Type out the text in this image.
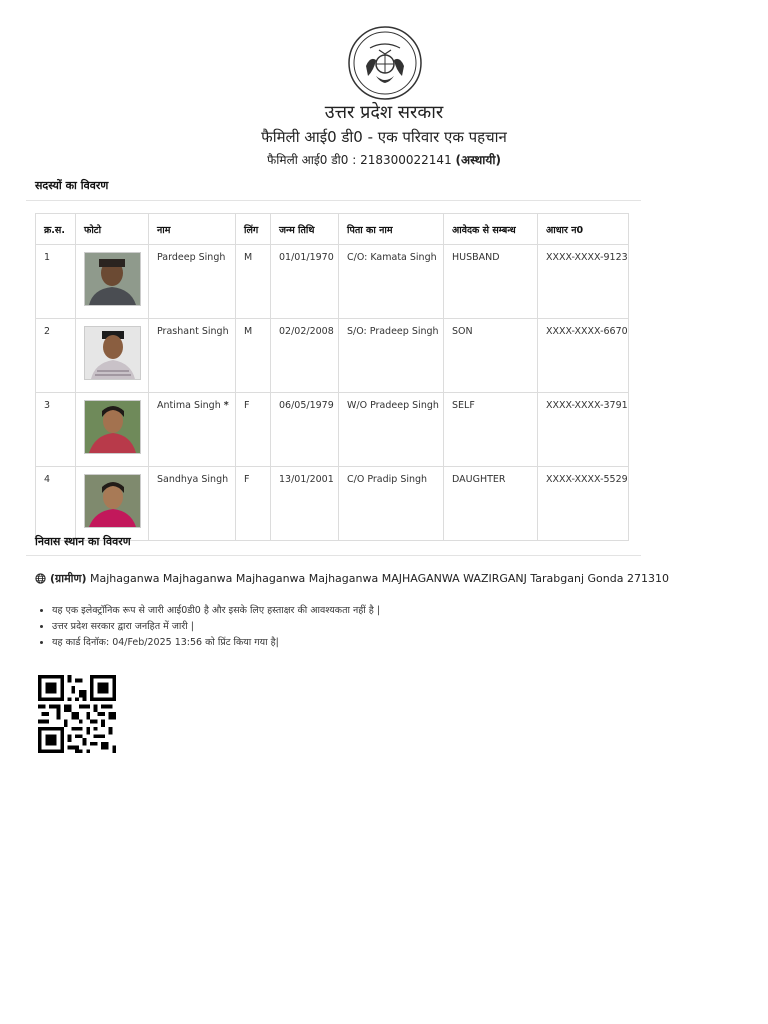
उत्तर प्रदेश सरकार
फैमिली आई0 डी0 - एक परिवार एक पहचान
फैमिली आई0 डी0 : 218300022141 (अस्थायी)
सदस्यों का विवरण
क्र.स.	फोटो	नाम	लिंग	जन्म तिथि	पिता का नाम	आवेदक से सम्बन्ध	आधार न0
1		Pardeep Singh	M	01/01/1970	C/O: Kamata Singh	HUSBAND	XXXX-XXXX-9123
2		Prashant Singh	M	02/02/2008	S/O: Pradeep Singh	SON	XXXX-XXXX-6670
3		Antima Singh *	F	06/05/1979	W/O Pradeep Singh	SELF	XXXX-XXXX-3791
4		Sandhya Singh	F	13/01/2001	C/O Pradip Singh	DAUGHTER	XXXX-XXXX-5529
निवास स्थान का विवरण
(ग्रामीण) Majhaganwa Majhaganwa Majhaganwa Majhaganwa MAJHAGANWA WAZIRGANJ Tarabganj Gonda 271310
• यह एक इलेक्ट्रॉनिक रूप से जारी आई0डी0 है और इसके लिए हस्ताक्षर की आवश्यकता नहीं है |
• उत्तर प्रदेश सरकार द्वारा जनहित में जारी |
• यह कार्ड दिनॉक: 04/Feb/2025 13:56 को प्रिंट किया गया है|
